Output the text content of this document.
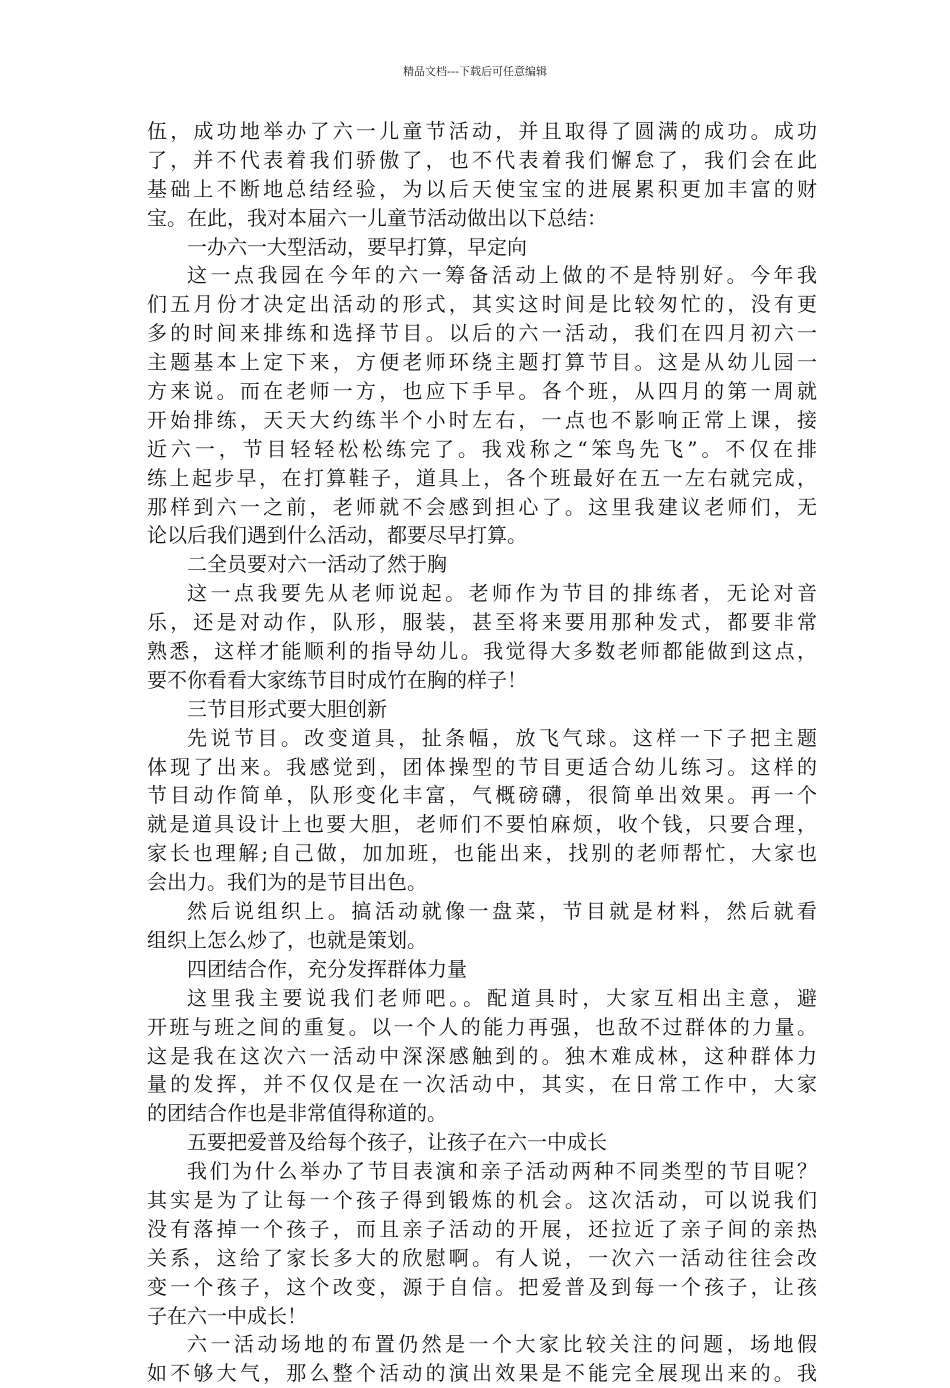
精品文档---下载后可任意编辑
伍，成功地举办了六一儿童节活动，并且取得了圆满的成功。成功
了，并不代表着我们骄傲了，也不代表着我们懈怠了，我们会在此
基础上不断地总结经验，为以后天使宝宝的进展累积更加丰富的财
宝。在此，我对本届六一儿童节活动做出以下总结：
一办六一大型活动，要早打算，早定向
这一点我园在今年的六一筹备活动上做的不是特别好。今年我
们五月份才决定出活动的形式，其实这时间是比较匆忙的，没有更
多的时间来排练和选择节目。以后的六一活动，我们在四月初六一
主题基本上定下来，方便老师环绕主题打算节目。这是从幼儿园一
方来说。而在老师一方，也应下手早。各个班，从四月的第一周就
开始排练，天天大约练半个小时左右，一点也不影响正常上课，接
近六一，节目轻轻松松练完了。我戏称之“笨鸟先飞”。不仅在排
练上起步早，在打算鞋子，道具上，各个班最好在五一左右就完成，
那样到六一之前，老师就不会感到担心了。这里我建议老师们，无
论以后我们遇到什么活动，都要尽早打算。
二全员要对六一活动了然于胸
这一点我要先从老师说起。老师作为节目的排练者，无论对音
乐，还是对动作，队形，服装，甚至将来要用那种发式，都要非常
熟悉，这样才能顺利的指导幼儿。我觉得大多数老师都能做到这点，
要不你看看大家练节目时成竹在胸的样子！
三节目形式要大胆创新
先说节目。改变道具，扯条幅，放飞气球。这样一下子把主题
体现了出来。我感觉到，团体操型的节目更适合幼儿练习。这样的
节目动作简单，队形变化丰富，气概磅礴，很简单出效果。再一个
就是道具设计上也要大胆，老师们不要怕麻烦，收个钱，只要合理，
家长也理解;自己做，加加班，也能出来，找别的老师帮忙，大家也
会出力。我们为的是节目出色。
然后说组织上。搞活动就像一盘菜，节目就是材料，然后就看
组织上怎么炒了，也就是策划。
四团结合作，充分发挥群体力量
这里我主要说我们老师吧。。配道具时，大家互相出主意，避
开班与班之间的重复。以一个人的能力再强，也敌不过群体的力量。
这是我在这次六一活动中深深感触到的。独木难成林，这种群体力
量的发挥，并不仅仅是在一次活动中，其实，在日常工作中，大家
的团结合作也是非常值得称道的。
五要把爱普及给每个孩子，让孩子在六一中成长
我们为什么举办了节目表演和亲子活动两种不同类型的节目呢？
其实是为了让每一个孩子得到锻炼的机会。这次活动，可以说我们
没有落掉一个孩子，而且亲子活动的开展，还拉近了亲子间的亲热
关系，这给了家长多大的欣慰啊。有人说，一次六一活动往往会改
变一个孩子，这个改变，源于自信。把爱普及到每一个孩子，让孩
子在六一中成长！
六一活动场地的布置仍然是一个大家比较关注的问题，场地假
如不够大气，那么整个活动的演出效果是不能完全展现出来的。我
